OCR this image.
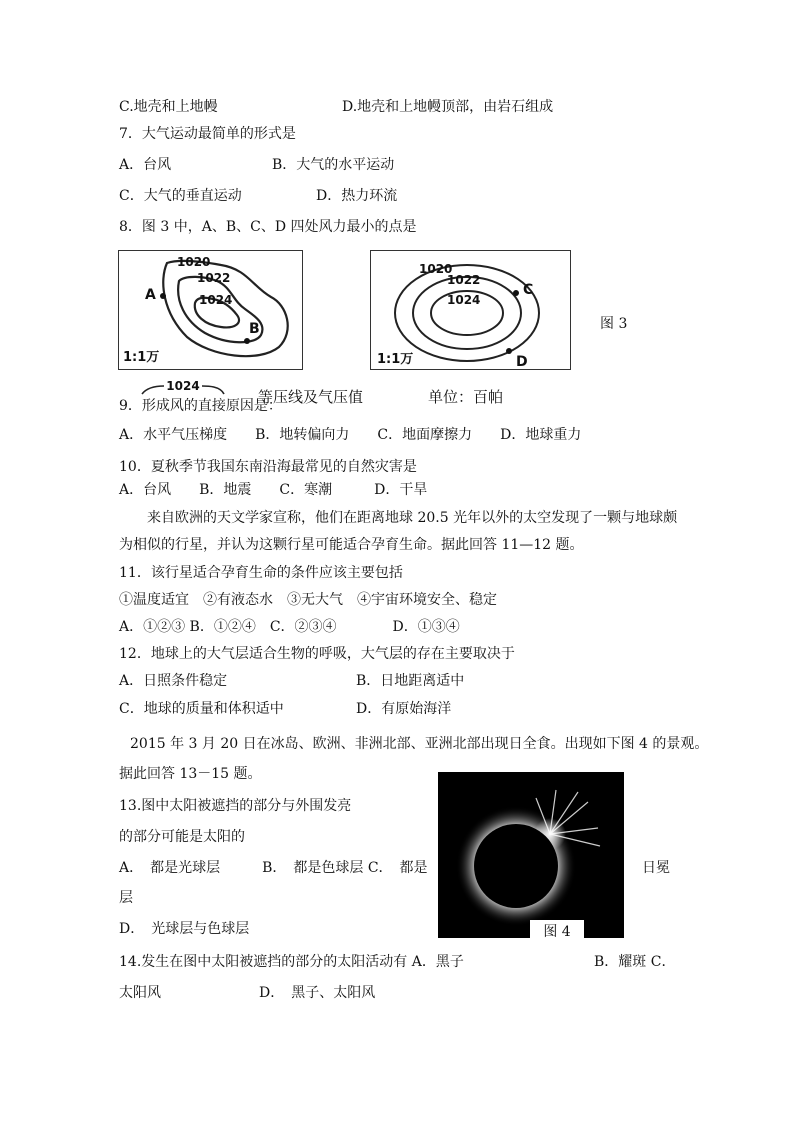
C.地壳和上地幔	D.地壳和上地幔顶部，由岩石组成
7．大气运动最简单的形式是
A．台风	B．大气的水平运动
C．大气的垂直运动	D．热力环流
8．图 3 中，A、B、C、D 四处风力最小的点是
1020
1022
1024
A
B
1:1万
1020
1022
1024
C
D
1:1万
图 3
1024
等压线及气压值	单位：百帕
9．形成风的直接原因是：
A．水平气压梯度　　B．地转偏向力　　C．地面摩擦力　　D．地球重力
10．夏秋季节我国东南沿海最常见的自然灾害是
A．台风　　B．地震　　C．寒潮　　　D．干旱
来自欧洲的天文学家宣称，他们在距离地球 20.5 光年以外的太空发现了一颗与地球颇
为相似的行星，并认为这颗行星可能适合孕育生命。据此回答 11—12 题。
11．该行星适合孕育生命的条件应该主要包括
①温度适宜　②有液态水　③无大气　④宇宙环境安全、稳定
A．①②③ B．①②④　C．②③④　　　　D．①③④
12．地球上的大气层适合生物的呼吸，大气层的存在主要取决于
A．日照条件稳定	B．日地距离适中
C．地球的质量和体积适中	D．有原始海洋
2015 年 3 月 20 日在冰岛、欧洲、非洲北部、亚洲北部出现日全食。出现如下图 4 的景观。
据此回答 13－15 题。
图 4
13.图中太阳被遮挡的部分与外围发亮
的部分可能是太阳的
A．　都是光球层　　　B．　都是色球层 C．　都是	日冕
层
D．　光球层与色球层
14.发生在图中太阳被遮挡的部分的太阳活动有 A．黑子	B．耀斑 C．
太阳风　　　　　　　D．　黑子、太阳风
